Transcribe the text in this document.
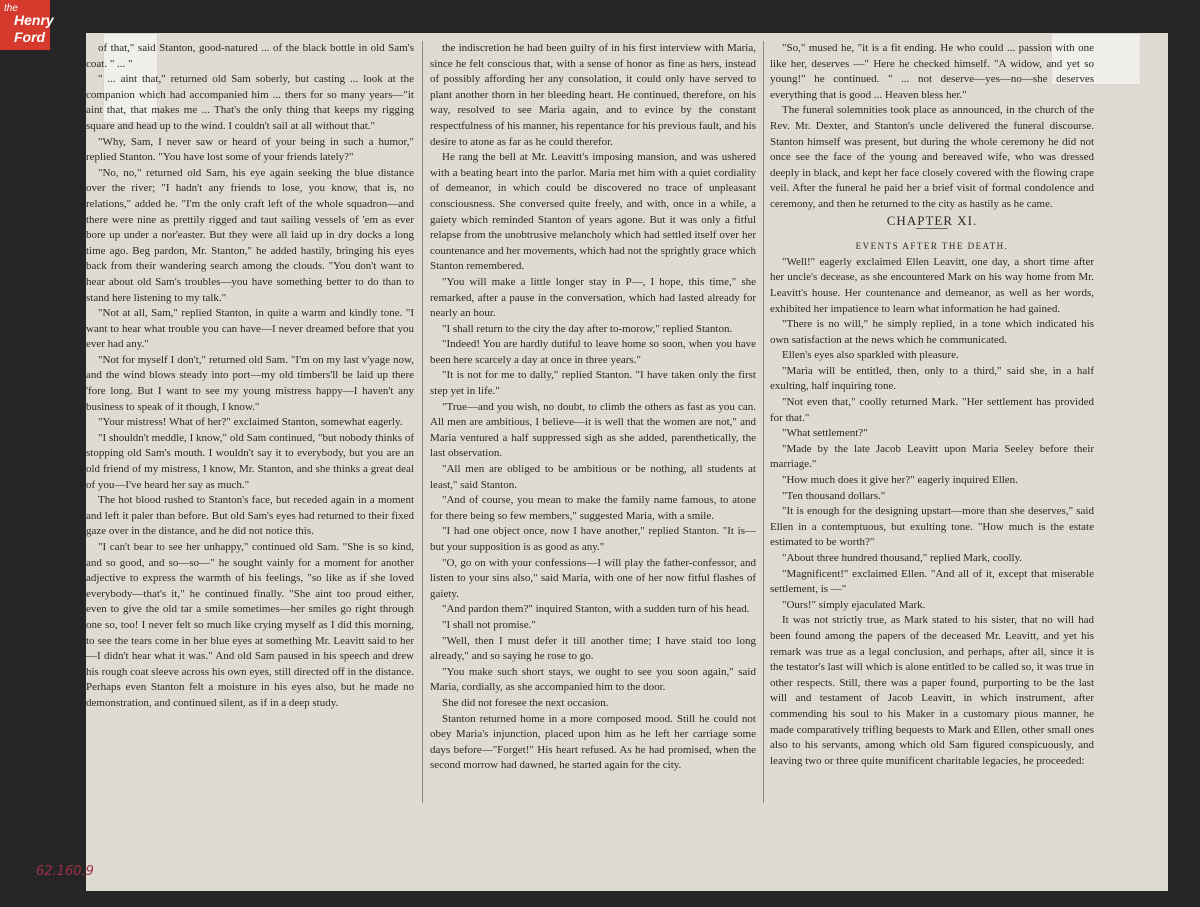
the
Henry
Ford

of that," said Stanton, good-natured ... of the black bottle in old Sam's coat. " ... "

" ... aint that," returned old Sam soberly, but casting ... look at the companion which had accompanied him ... thers for so many years—"it aint that, that makes me ... That's the only thing that keeps my rigging square and head up to the wind. I couldn't sail at all without that."

"Why, Sam, I never saw or heard of your being in such a humor," replied Stanton. "You have lost some of your friends lately?"

"No, no," returned old Sam, his eye again seeking the blue distance over the river; "I hadn't any friends to lose, you know, that is, no relations," added he. "I'm the only craft left of the whole squadron—and there were nine as prettily rigged and taut sailing vessels of 'em as ever bore up under a nor'easter. But they were all laid up in dry docks a long time ago. Beg pardon, Mr. Stanton," he added hastily, bringing his eyes back from their wandering search among the clouds. "You don't want to hear about old Sam's troubles—you have something better to do than to stand here listening to my talk."

"Not at all, Sam," replied Stanton, in quite a warm and kindly tone. "I want to hear what trouble you can have—I never dreamed before that you ever had any."

"Not for myself I don't," returned old Sam. "I'm on my last v'yage now, and the wind blows steady into port—my old timbers'll be laid up there 'fore long. But I want to see my young mistress happy—I haven't any business to speak of it though, I know."

"Your mistress! What of her?" exclaimed Stanton, somewhat eagerly.

"I shouldn't meddle, I know," old Sam continued, "but nobody thinks of stopping old Sam's mouth. I wouldn't say it to everybody, but you are an old friend of my mistress, I know, Mr. Stanton, and she thinks a great deal of you—I've heard her say as much."

The hot blood rushed to Stanton's face, but receded again in a moment and left it paler than before. But old Sam's eyes had returned to their fixed gaze over in the distance, and he did not notice this.

"I can't bear to see her unhappy," continued old Sam. "She is so kind, and so good, and so—so—" he sought vainly for a moment for another adjective to express the warmth of his feelings, "so like as if she loved everybody—that's it," he continued finally. "She aint too proud either, even to give the old tar a smile sometimes—her smiles go right through one so, too! I never felt so much like crying myself as I did this morning, to see the tears come in her blue eyes at something Mr. Leavitt said to her —I didn't hear what it was." And old Sam paused in his speech and drew his rough coat sleeve across his own eyes, still directed off in the distance. Perhaps even Stanton felt a moisture in his eyes also, but he made no demonstration, and continued silent, as if in a deep study.

the indiscretion he had been guilty of in his first interview with Maria, since he felt conscious that, with a sense of honor as fine as hers, instead of possibly affording her any consolation, it could only have served to plant another thorn in her bleeding heart. He continued, therefore, on his way, resolved to see Maria again, and to evince by the constant respectfulness of his manner, his repentance for his previous fault, and his desire to atone as far as he could therefor.

He rang the bell at Mr. Leavitt's imposing mansion, and was ushered with a beating heart into the parlor. Maria met him with a quiet cordiality of demeanor, in which could be discovered no trace of unpleasant consciousness. She conversed quite freely, and with, once in a while, a gaiety which reminded Stanton of years agone. But it was only a fitful relapse from the unobtrusive melancholy which had settled itself over her countenance and her movements, which had not the sprightly grace which Stanton remembered.

"You will make a little longer stay in P—, I hope, this time," she remarked, after a pause in the conversation, which had lasted already for nearly an hour.

"I shall return to the city the day after to-morow," replied Stanton.

"Indeed! You are hardly dutiful to leave home so soon, when you have been here scarcely a day at once in three years."

"It is not for me to dally," replied Stanton. "I have taken only the first step yet in life."

"True—and you wish, no doubt, to climb the others as fast as you can. All men are ambitious, I believe—it is well that the women are not," and Maria ventured a half suppressed sigh as she added, parenthetically, the last observation.

"All men are obliged to be ambitious or be nothing, all students at least," said Stanton.

"And of course, you mean to make the family name famous, to atone for there being so few members," suggested Maria, with a smile.

"I had one object once, now I have another," replied Stanton. "It is—but your supposition is as good as any."

"O, go on with your confessions—I will play the father-confessor, and listen to your sins also," said Maria, with one of her now fitful flashes of gaiety.

"And pardon them?" inquired Stanton, with a sudden turn of his head.

"I shall not promise."

"Well, then I must defer it till another time; I have staid too long already," and so saying he rose to go.

"You make such short stays, we ought to see you soon again," said Maria, cordially, as she accompanied him to the door.

She did not foresee the next occasion.

Stanton returned home in a more composed mood. Still he could not obey Maria's injunction, placed upon him as he left her carriage some days before—"Forget!" His heart refused. As he had promised, when the second morrow had dawned, he started again for the city.

"So," mused he, "it is a fit ending. He who could ... passion with one like her, deserves —" Here he checked himself. "A widow, and yet so young!" he continued. " ... not deserve—yes—no—she deserves everything that is good ... Heaven bless her."

The funeral solemnities took place as announced, in the church of the Rev. Mr. Dexter, and Stanton's uncle delivered the funeral discourse. Stanton himself was present, but during the whole ceremony he did not once see the face of the young and bereaved wife, who was dressed deeply in black, and kept her face closely covered with the flowing crape veil. After the funeral he paid her a brief visit of formal condolence and ceremony, and then he returned to the city as hastily as he came.

CHAPTER XI.

EVENTS AFTER THE DEATH.

"Well!" eagerly exclaimed Ellen Leavitt, one day, a short time after her uncle's decease, as she encountered Mark on his way home from Mr. Leavitt's house. Her countenance and demeanor, as well as her words, exhibited her impatience to learn what information he had gained.

"There is no will," he simply replied, in a tone which indicated his own satisfaction at the news which he communicated.

Ellen's eyes also sparkled with pleasure.

"Maria will be entitled, then, only to a third," said she, in a half exulting, half inquiring tone.

"Not even that," coolly returned Mark. "Her settlement has provided for that."

"What settlement?"

"Made by the late Jacob Leavitt upon Maria Seeley before their marriage."

"How much does it give her?" eagerly inquired Ellen.

"Ten thousand dollars."

"It is enough for the designing upstart—more than she deserves," said Ellen in a contemptuous, but exulting tone. "How much is the estate estimated to be worth?"

"About three hundred thousand," replied Mark, coolly.

"Magnificent!" exclaimed Ellen. "And all of it, except that miserable settlement, is —"

"Ours!" simply ejaculated Mark.

It was not strictly true, as Mark stated to his sister, that no will had been found among the papers of the deceased Mr. Leavitt, and yet his remark was true as a legal conclusion, and perhaps, after all, since it is the testator's last will which is alone entitled to be called so, it was true in other respects. Still, there was a paper found, purporting to be the last will and testament of Jacob Leavitt, in which instrument, after commending his soul to his Maker in a customary pious manner, he made comparatively trifling bequests to Mark and Ellen, other small ones also to his servants, among which old Sam figured conspicuously, and leaving two or three quite munificent charitable legacies, he proceeded:

62.160.9
